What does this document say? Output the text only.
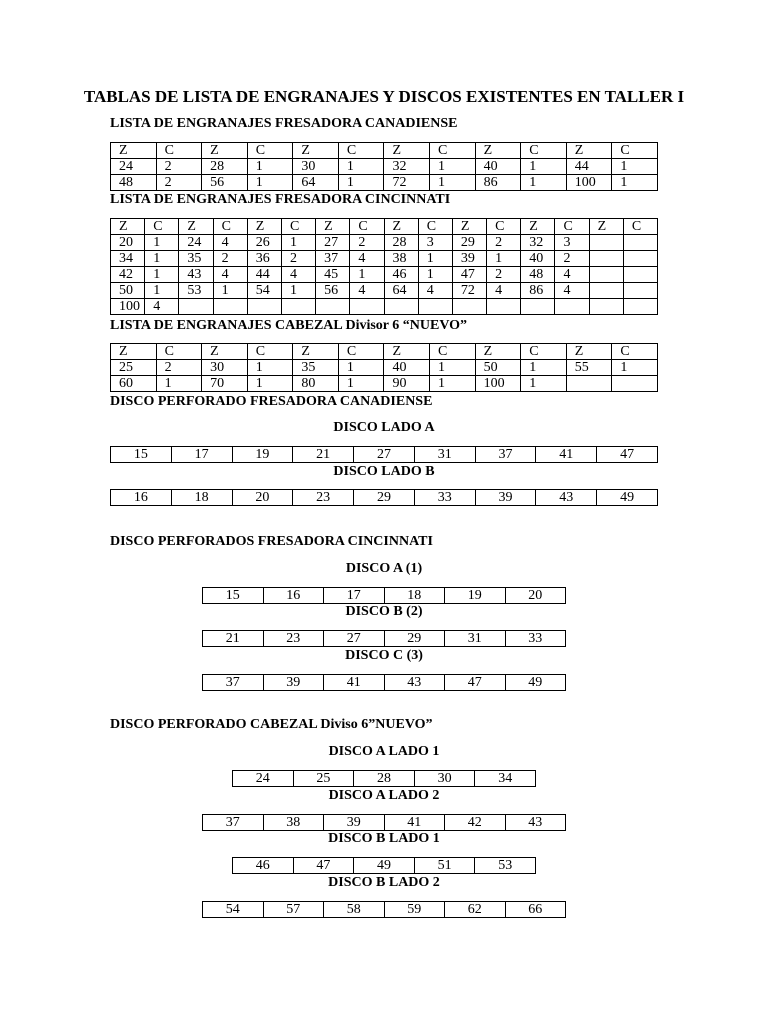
TABLAS DE LISTA DE ENGRANAJES Y DISCOS EXISTENTES EN TALLER I
LISTA DE ENGRANAJES FRESADORA CANADIENSE
Z	C	Z	C	Z	C	Z	C	Z	C	Z	C
24	2	28	1	30	1	32	1	40	1	44	1
48	2	56	1	64	1	72	1	86	1	100	1
LISTA DE ENGRANAJES FRESADORA CINCINNATI
Z	C	Z	C	Z	C	Z	C	Z	C	Z	C	Z	C	Z	C
20	1	24	4	26	1	27	2	28	3	29	2	32	3		
34	1	35	2	36	2	37	4	38	1	39	1	40	2		
42	1	43	4	44	4	45	1	46	1	47	2	48	4		
50	1	53	1	54	1	56	4	64	4	72	4	86	4		
100	4														
LISTA DE ENGRANAJES CABEZAL Divisor 6 “NUEVO”
Z	C	Z	C	Z	C	Z	C	Z	C	Z	C
25	2	30	1	35	1	40	1	50	1	55	1
60	1	70	1	80	1	90	1	100	1		
DISCO PERFORADO FRESADORA CANADIENSE
DISCO LADO A
15	17	19	21	27	31	37	41	47
DISCO LADO B
16	18	20	23	29	33	39	43	49
DISCO PERFORADOS FRESADORA CINCINNATI
DISCO A (1)
15	16	17	18	19	20
DISCO B (2)
21	23	27	29	31	33
DISCO C (3)
37	39	41	43	47	49
DISCO PERFORADO CABEZAL Diviso 6”NUEVO”
DISCO A LADO 1
24	25	28	30	34
DISCO A LADO 2
37	38	39	41	42	43
DISCO B LADO 1
46	47	49	51	53
DISCO B LADO 2
54	57	58	59	62	66
